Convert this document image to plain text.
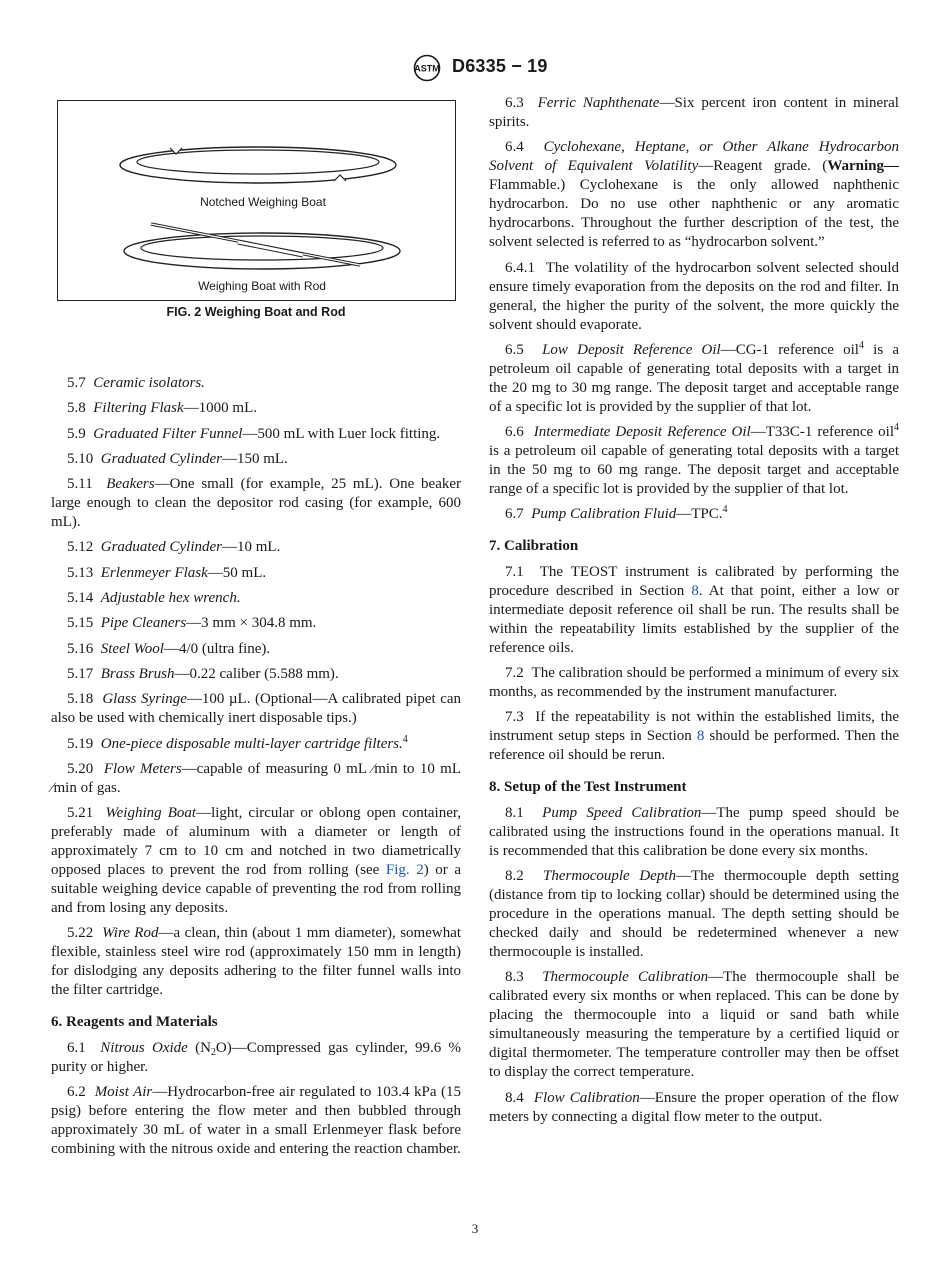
ASTM D6335 − 19
Notched Weighing Boat
Weighing Boat with Rod
FIG. 2 Weighing Boat and Rod

5.7 Ceramic isolators.

5.8 Filtering Flask—1000 mL.

5.9 Graduated Filter Funnel—500 mL with Luer lock fitting.

5.10 Graduated Cylinder—150 mL.

5.11 Beakers—One small (for example, 25 mL). One beaker large enough to clean the depositor rod casing (for example, 600 mL).

5.12 Graduated Cylinder—10 mL.

5.13 Erlenmeyer Flask—50 mL.

5.14 Adjustable hex wrench.

5.15 Pipe Cleaners—3 mm × 304.8 mm.

5.16 Steel Wool—4/0 (ultra fine).

5.17 Brass Brush—0.22 caliber (5.588 mm).

5.18 Glass Syringe—100 µL. (Optional—A calibrated pipet can also be used with chemically inert disposable tips.)

5.19 One-piece disposable multi-layer cartridge filters.$^4$

5.20 Flow Meters—capable of measuring 0 mL ⁄min to 10 mL ⁄min of gas.

5.21 Weighing Boat—light, circular or oblong open container, preferably made of aluminum with a diameter or length of approximately 7 cm to 10 cm and notched in two diametrically opposed places to prevent the rod from rolling (see Fig. 2) or a suitable weighing device capable of preventing the rod from rolling and from losing any deposits.

5.22 Wire Rod—a clean, thin (about 1 mm diameter), somewhat flexible, stainless steel wire rod (approximately 150 mm in length) for dislodging any deposits adhering to the filter funnel walls into the filter cartridge.

6. Reagents and Materials

6.1 Nitrous Oxide $(N_2O)—Compressed$ gas cylinder, 99.6 % purity or higher.

6.2 Moist Air—Hydrocarbon-free air regulated to 103.4 kPa (15 psig) before entering the flow meter and then bubbled through approximately 30 mL of water in a small Erlenmeyer flask before combining with the nitrous oxide and entering the reaction chamber.

6.3 Ferric Naphthenate—Six percent iron content in mineral spirits.

6.4 Cyclohexane, Heptane, or Other Alkane Hydrocarbon Solvent of Equivalent Volatility—Reagent grade. (Warning—Flammable.) Cyclohexane is the only allowed naphthenic hydrocarbon. Do no use other naphthenic or any aromatic hydrocarbons. Throughout the further description of the test, the solvent selected is referred to as “hydrocarbon solvent.”

6.4.1 The volatility of the hydrocarbon solvent selected should ensure timely evaporation from the deposits on the rod and filter. In general, the higher the purity of the solvent, the more quickly the solvent should evaporate.

6.5 Low Deposit Reference Oil—CG-1 reference oil$^4$ is a petroleum oil capable of generating total deposits with a target in the 20 mg to 30 mg range. The deposit target and acceptable range of a specific lot is provided by the supplier of that lot.

6.6 Intermediate Deposit Reference Oil—T33C-1 reference oil$^4$ is a petroleum oil capable of generating total deposits with a target in the 50 mg to 60 mg range. The deposit target and acceptable range of a specific lot is provided by the supplier of that lot.

6.7 Pump Calibration Fluid—TPC.$^4$

7. Calibration

7.1 The TEOST instrument is calibrated by performing the procedure described in Section 8. At that point, either a low or intermediate deposit reference oil shall be run. The results shall be within the repeatability limits established by the supplier of the reference oils.

7.2 The calibration should be performed a minimum of every six months, as recommended by the instrument manufacturer.

7.3 If the repeatability is not within the established limits, the instrument setup steps in Section 8 should be performed. Then the reference oil should be rerun.

8. Setup of the Test Instrument

8.1 Pump Speed Calibration—The pump speed should be calibrated using the instructions found in the operations manual. It is recommended that this calibration be done every six months.

8.2 Thermocouple Depth—The thermocouple depth setting (distance from tip to locking collar) should be determined using the procedure in the operations manual. The depth setting should be checked daily and should be redetermined whenever a new thermocouple is installed.

8.3 Thermocouple Calibration—The thermocouple shall be calibrated every six months or when replaced. This can be done by placing the thermocouple into a liquid or sand bath while simultaneously measuring the temperature by a certified liquid or digital thermometer. The temperature controller may then be offset to display the correct temperature.

8.4 Flow Calibration—Ensure the proper operation of the flow meters by connecting a digital flow meter to the output.

3
